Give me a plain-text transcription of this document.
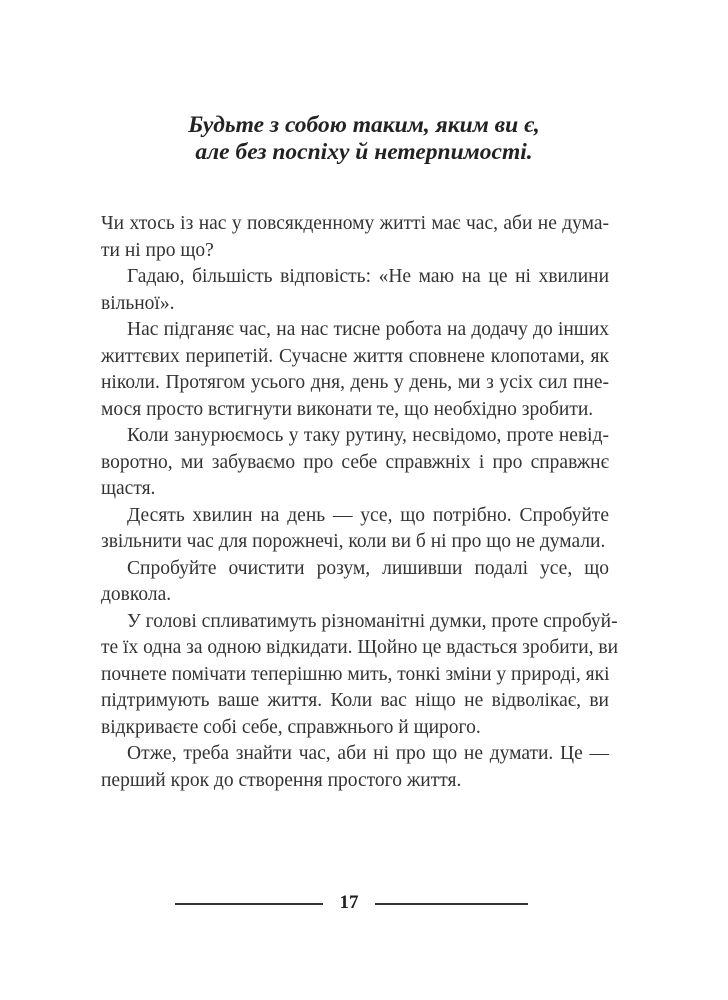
Будьте з собою таким, яким ви є,
але без поспіху й нетерпимості.
Чи хтось із нас у повсякденному житті має час, аби не дума-
ти ні про що?
Гадаю, більшість відповість: «Не маю на це ні хвилини
вільної».
Нас підганяє час, на нас тисне робота на додачу до інших
життєвих перипетій. Сучасне життя сповнене клопотами, як
ніколи. Протягом усього дня, день у день, ми з усіх сил пне-
мося просто встигнути виконати те, що необхідно зробити.
Коли занурюємось у таку рутину, несвідомо, проте невід-
воротно, ми забуваємо про себе справжніх і про справжнє
щастя.
Десять хвилин на день — усе, що потрібно. Спробуйте
звільнити час для порожнечі, коли ви б ні про що не думали.
Спробуйте очистити розум, лишивши подалі усе, що
довкола.
У голові спливатимуть різноманітні думки, проте спробуй-
те їх одна за одною відкидати. Щойно це вдасться зробити, ви
почнете помічати теперішню мить, тонкі зміни у природі, які
підтримують ваше життя. Коли вас ніщо не відволікає, ви
відкриваєте собі себе, справжнього й щирого.
Отже, треба знайти час, аби ні про що не думати. Це —
перший крок до створення простого життя.
17
